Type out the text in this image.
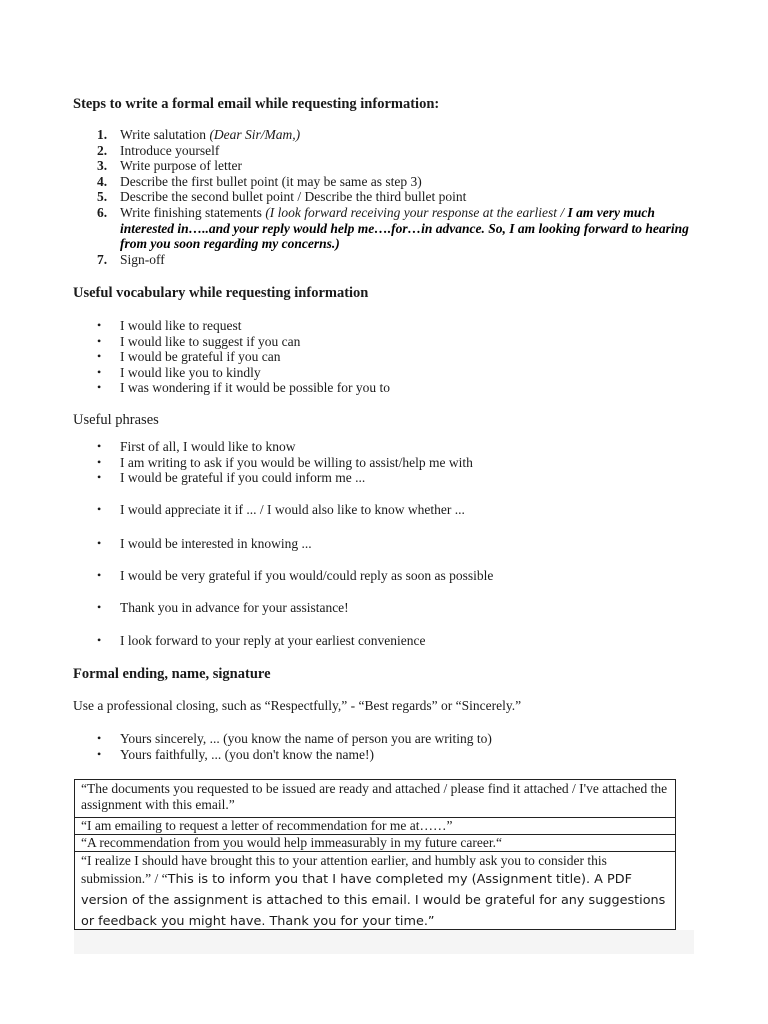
Steps to write a formal email while requesting information:

1. Write salutation (Dear Sir/Mam,)
2. Introduce yourself
3. Write purpose of letter
4. Describe the first bullet point (it may be same as step 3)
5. Describe the second bullet point / Describe the third bullet point
6. Write finishing statements (I look forward receiving your response at the earliest / I am very much interested in…..and your reply would help me….for…in advance. So, I am looking forward to hearing from you soon regarding my concerns.)
7. Sign-off

Useful vocabulary while requesting information

• I would like to request
• I would like to suggest if you can
• I would be grateful if you can
• I would like you to kindly
• I was wondering if it would be possible for you to

Useful phrases

• First of all, I would like to know
• I am writing to ask if you would be willing to assist/help me with
• I would be grateful if you could inform me ...
• I would appreciate it if ... / I would also like to know whether ...
• I would be interested in knowing ...
• I would be very grateful if you would/could reply as soon as possible
• Thank you in advance for your assistance!
• I look forward to your reply at your earliest convenience

Formal ending, name, signature

Use a professional closing, such as “Respectfully,” - “Best regards” or “Sincerely.”

• Yours sincerely, ... (you know the name of person you are writing to)
• Yours faithfully, ... (you don't know the name!)
“The documents you requested to be issued are ready and attached / please find it attached / I've attached the assignment with this email.”
“I am emailing to request a letter of recommendation for me at……”
“A recommendation from you would help immeasurably in my future career.“
“I realize I should have brought this to your attention earlier, and humbly ask you to consider this submission.” / “This is to inform you that I have completed my (Assignment title). A PDF version of the assignment is attached to this email. I would be grateful for any suggestions or feedback you might have. Thank you for your time.”
